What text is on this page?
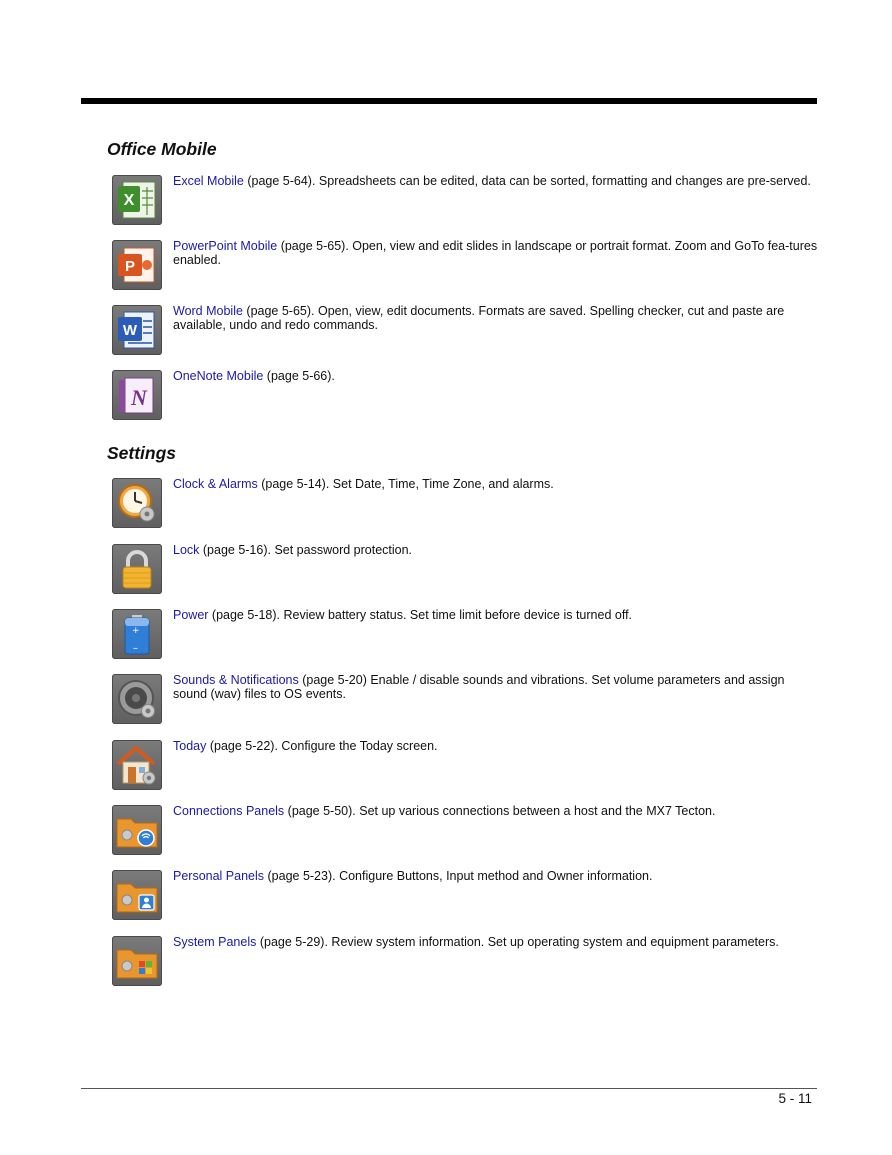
Office Mobile
X
Excel Mobile (page 5-64). Spreadsheets can be edited, data can be sorted, formatting and changes are pre-served.
P
PowerPoint Mobile (page 5-65). Open, view and edit slides in landscape or portrait format. Zoom and GoTo fea-tures enabled.
W
Word Mobile (page 5-65). Open, view, edit documents. Formats are saved. Spelling checker, cut and paste are available, undo and redo commands.
N
OneNote Mobile (page 5-66).
Settings
Clock & Alarms (page 5-14). Set Date, Time, Time Zone, and alarms.
Lock (page 5-16). Set password protection.
+
–
Power (page 5-18). Review battery status. Set time limit before device is turned off.
Sounds & Notifications (page 5-20) Enable / disable sounds and vibrations. Set volume parameters and assign sound (wav) files to OS events.
Today (page 5-22). Configure the Today screen.
Connections Panels (page 5-50). Set up various connections between a host and the MX7 Tecton.
Personal Panels (page 5-23). Configure Buttons, Input method and Owner information.
System Panels (page 5-29). Review system information. Set up operating system and equipment parameters.
5 - 11
